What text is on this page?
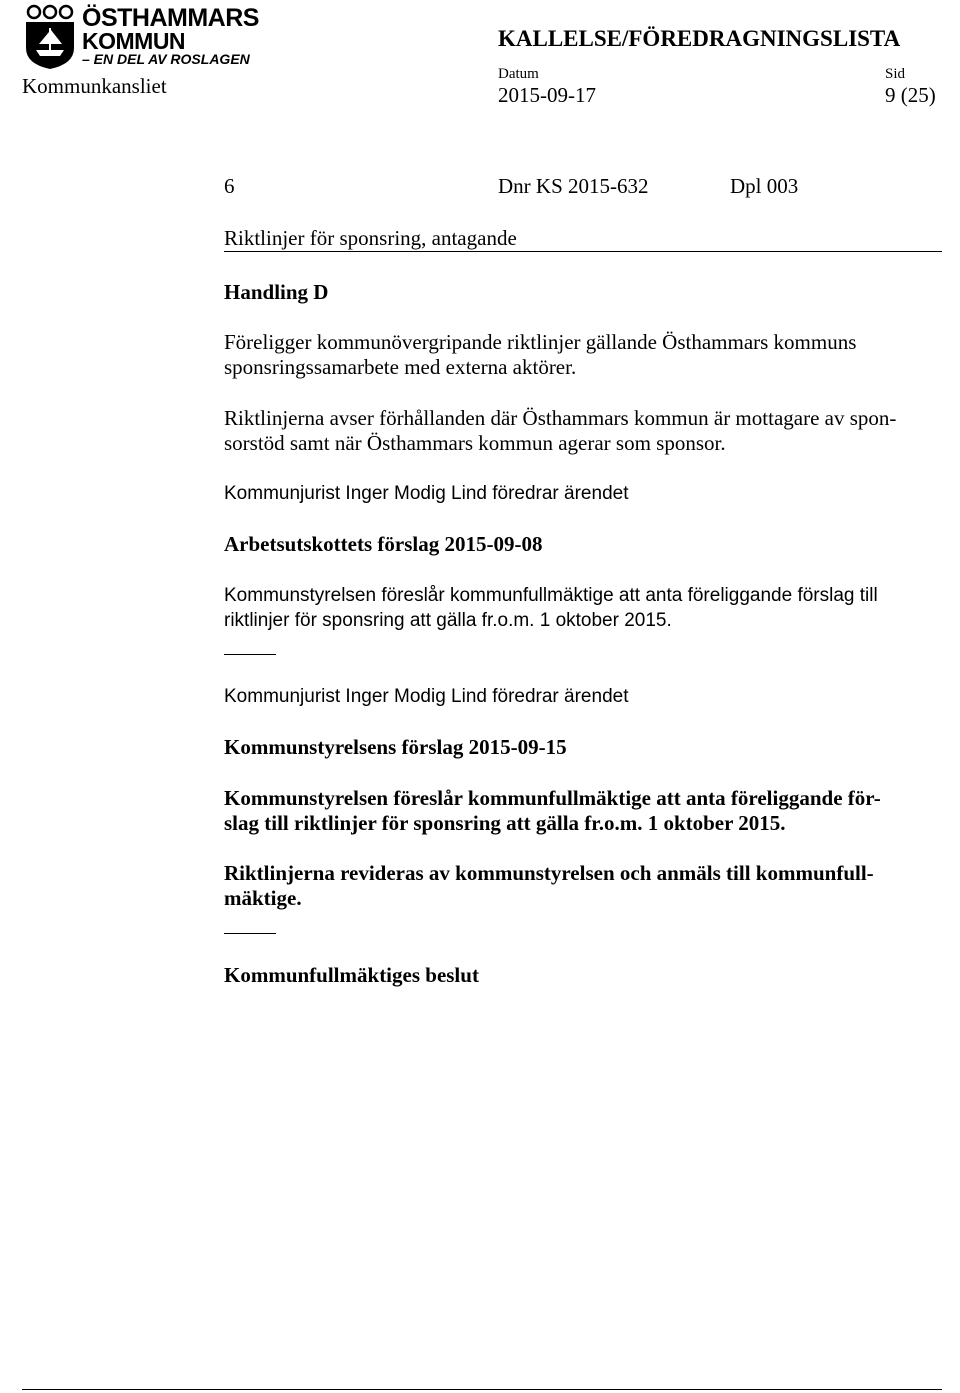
ÖSTHAMMARS
KOMMUN
– EN DEL AV ROSLAGEN
Kommunkansliet
KALLELSE/FÖREDRAGNINGSLISTA
Datum
2015-09-17
Sid
9 (25)
6	Dnr KS 2015-632	Dpl 003
Riktlinjer för sponsring, antagande
Handling D
Föreligger kommunövergripande riktlinjer gällande Östhammars kommuns
sponsringssamarbete med externa aktörer.
Riktlinjerna avser förhållanden där Östhammars kommun är mottagare av spon-
sorstöd samt när Östhammars kommun agerar som sponsor.
Kommunjurist Inger Modig Lind föredrar ärendet
Arbetsutskottets förslag 2015-09-08
Kommunstyrelsen föreslår kommunfullmäktige att anta föreliggande förslag till
riktlinjer för sponsring att gälla fr.o.m. 1 oktober 2015.
Kommunjurist Inger Modig Lind föredrar ärendet
Kommunstyrelsens förslag 2015-09-15
Kommunstyrelsen föreslår kommunfullmäktige att anta föreliggande för-
slag till riktlinjer för sponsring att gälla fr.o.m. 1 oktober 2015.
Riktlinjerna revideras av kommunstyrelsen och anmäls till kommunfull-
mäktige.
Kommunfullmäktiges beslut
